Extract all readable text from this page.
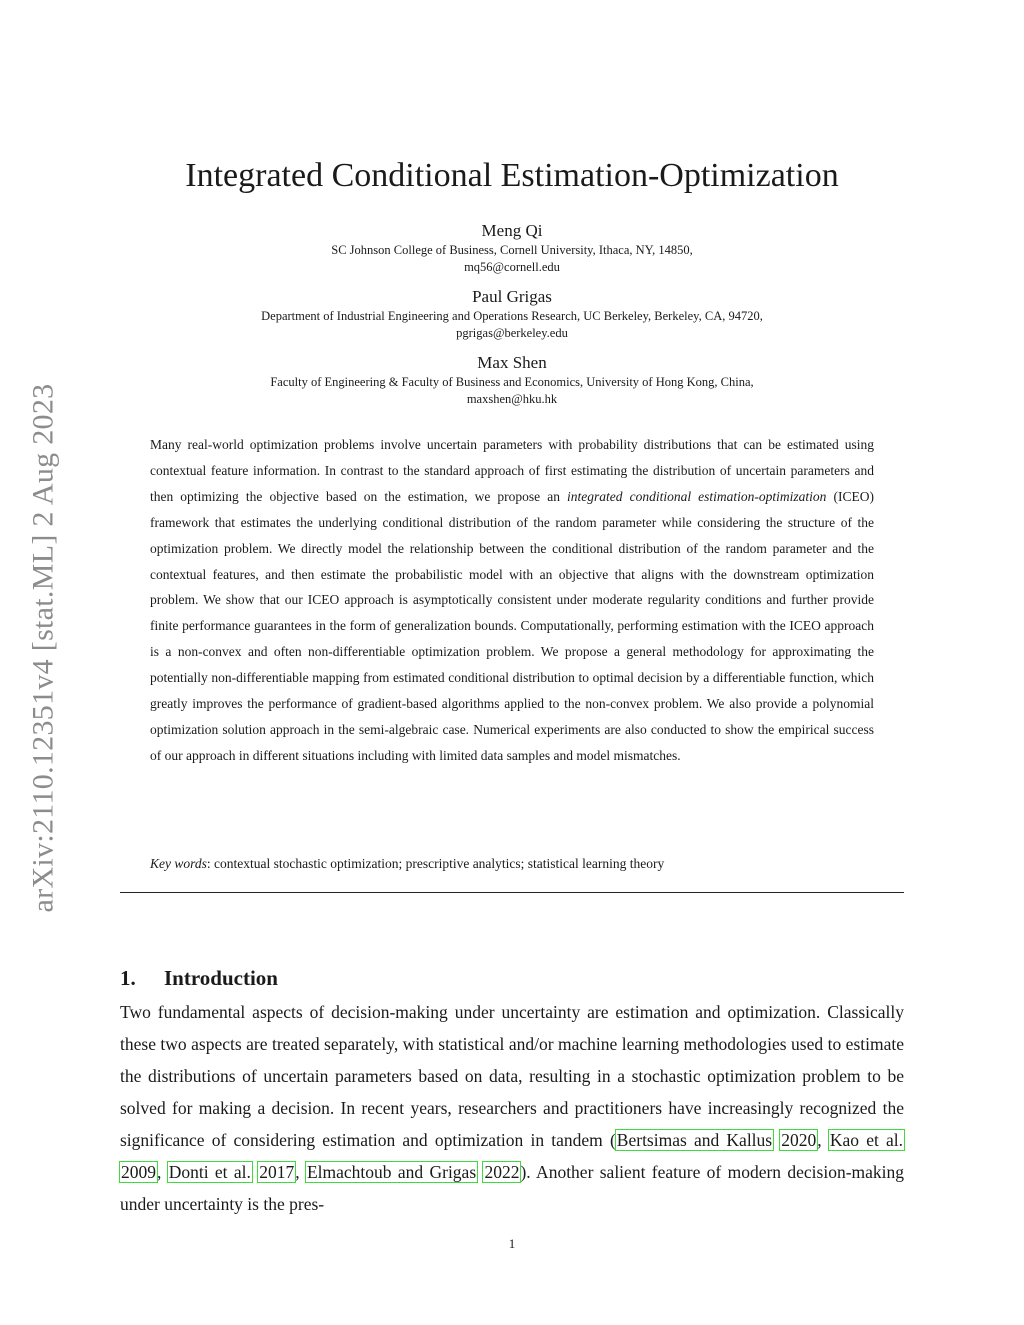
arXiv:2110.12351v4 [stat.ML] 2 Aug 2023
Integrated Conditional Estimation-Optimization
Meng Qi
SC Johnson College of Business, Cornell University, Ithaca, NY, 14850,
mq56@cornell.edu
Paul Grigas
Department of Industrial Engineering and Operations Research, UC Berkeley, Berkeley, CA, 94720,
pgrigas@berkeley.edu
Max Shen
Faculty of Engineering & Faculty of Business and Economics, University of Hong Kong, China,
maxshen@hku.hk

Many real-world optimization problems involve uncertain parameters with probability distributions that can be estimated using contextual feature information. In contrast to the standard approach of first estimating the distribution of uncertain parameters and then optimizing the objective based on the estimation, we propose an integrated conditional estimation-optimization (ICEO) framework that estimates the underlying conditional distribution of the random parameter while considering the structure of the optimization problem. We directly model the relationship between the conditional distribution of the random parameter and the contextual features, and then estimate the probabilistic model with an objective that aligns with the downstream optimization problem. We show that our ICEO approach is asymptotically consistent under moderate regularity conditions and further provide finite performance guarantees in the form of generalization bounds. Computationally, performing estimation with the ICEO approach is a non-convex and often non-differentiable optimization problem. We propose a general methodology for approximating the potentially non-differentiable mapping from estimated conditional distribution to optimal decision by a differentiable function, which greatly improves the performance of gradient-based algorithms applied to the non-convex problem. We also provide a polynomial optimization solution approach in the semi-algebraic case. Numerical experiments are also conducted to show the empirical success of our approach in different situations including with limited data samples and model mismatches.

Key words: contextual stochastic optimization; prescriptive analytics; statistical learning theory
1. Introduction

Two fundamental aspects of decision-making under uncertainty are estimation and optimization. Classically these two aspects are treated separately, with statistical and/or machine learning methodologies used to estimate the distributions of uncertain parameters based on data, resulting in a stochastic optimization problem to be solved for making a decision. In recent years, researchers and practitioners have increasingly recognized the significance of considering estimation and optimization in tandem (Bertsimas and Kallus 2020, Kao et al. 2009, Donti et al. 2017, Elmachtoub and Grigas 2022). Another salient feature of modern decision-making under uncertainty is the pres-

1
